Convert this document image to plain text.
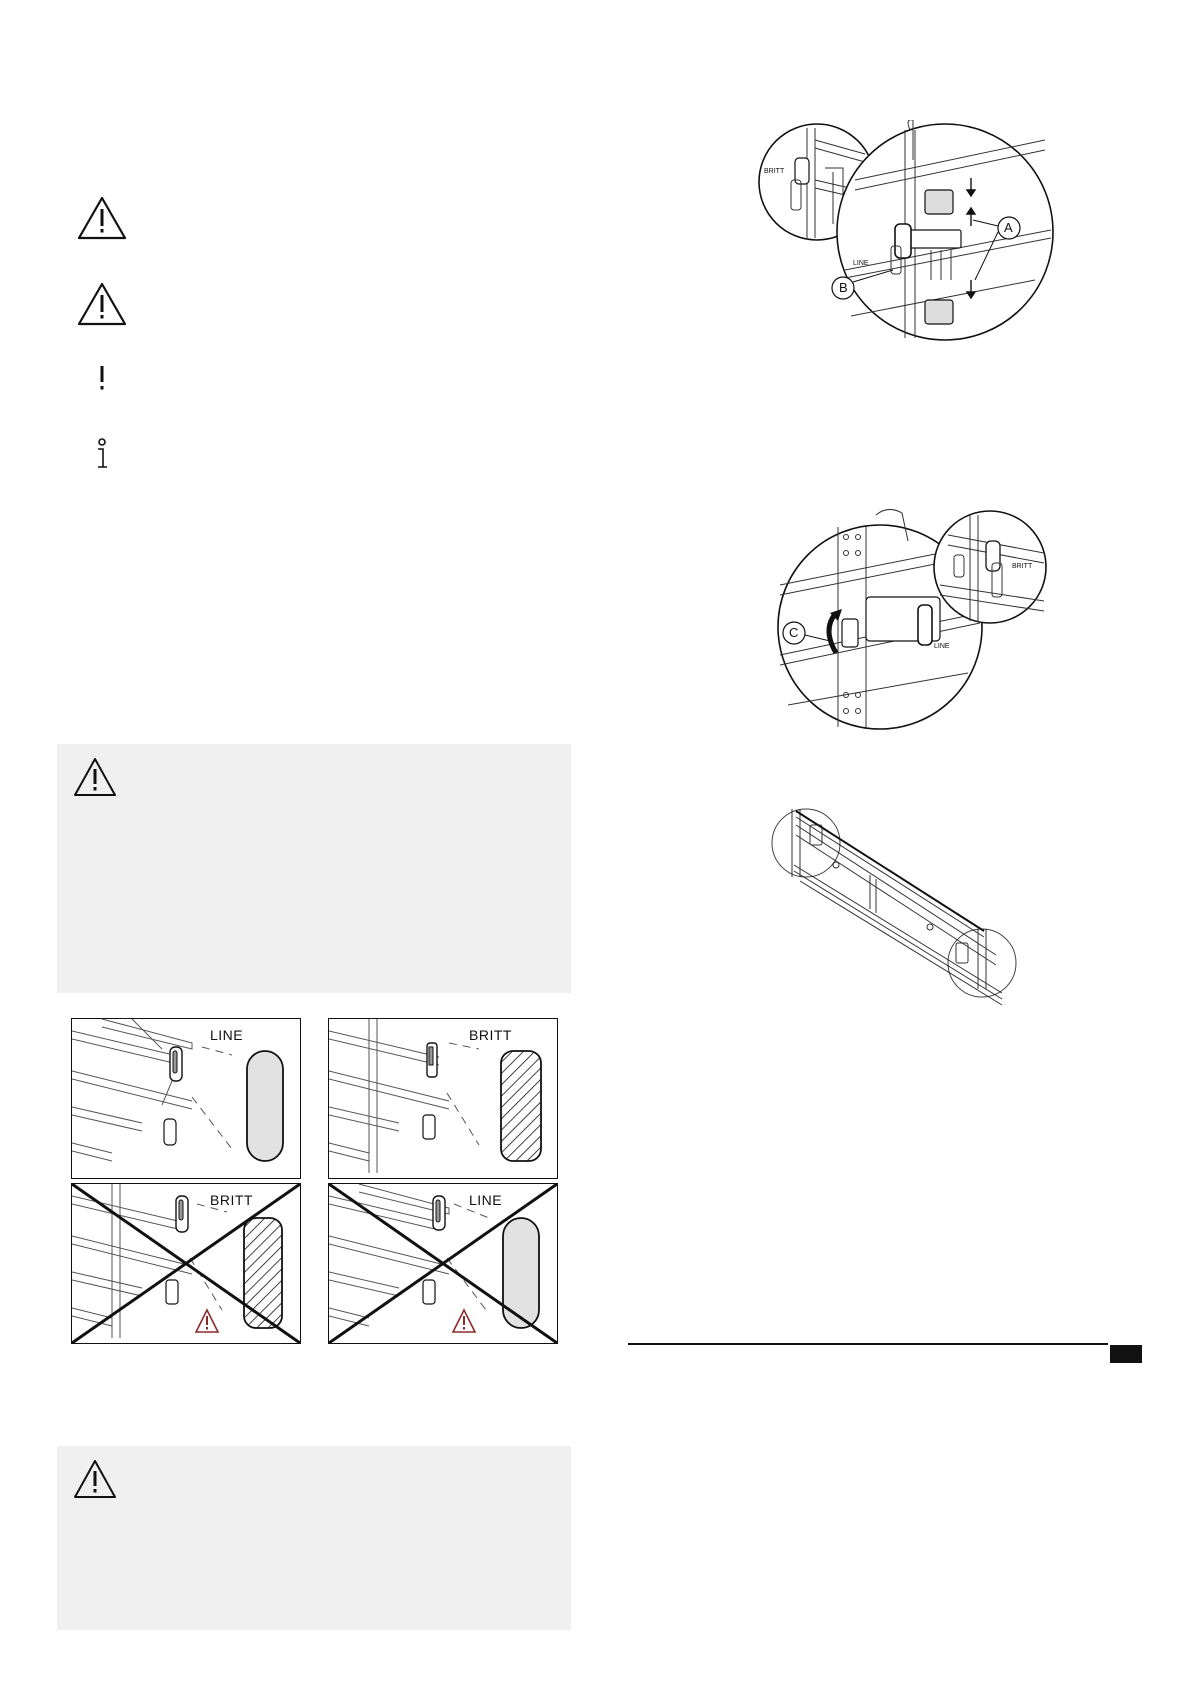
LINE	BRITT
BRITT	LINE
BRITT
LINE
A
B
C
LINE
BRITT
